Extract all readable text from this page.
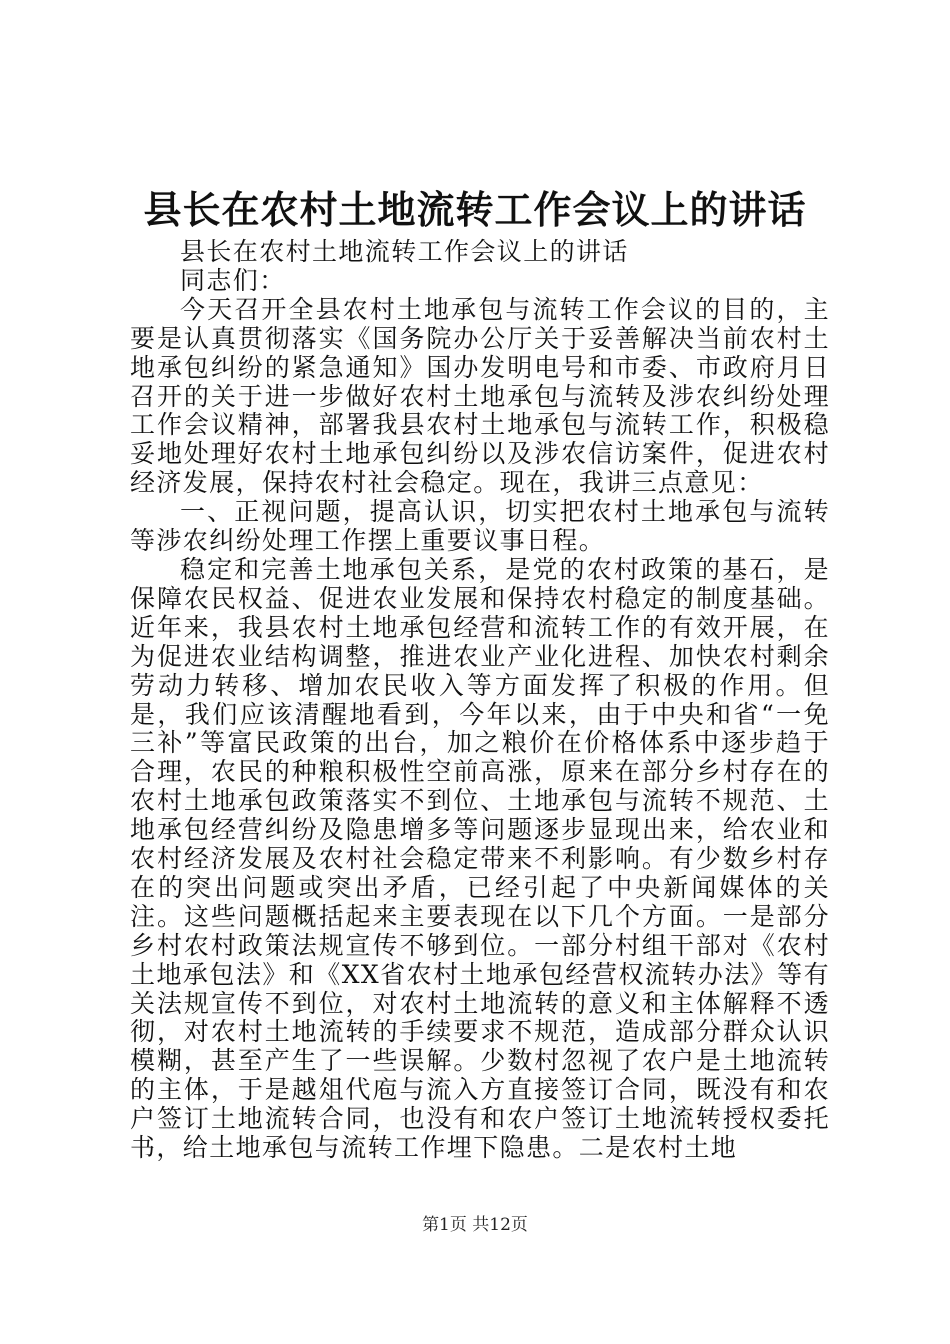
县长在农村土地流转工作会议上的讲话

县长在农村土地流转工作会议上的讲话

同志们：

今天召开全县农村土地承包与流转工作会议的目的，主要是认真贯彻落实《国务院办公厅关于妥善解决当前农村土地承包纠纷的紧急通知》国办发明电号和市委、市政府月日召开的关于进一步做好农村土地承包与流转及涉农纠纷处理工作会议精神，部署我县农村土地承包与流转工作，积极稳妥地处理好农村土地承包纠纷以及涉农信访案件，促进农村经济发展，保持农村社会稳定。现在，我讲三点意见：

一、正视问题，提高认识，切实把农村土地承包与流转等涉农纠纷处理工作摆上重要议事日程。

稳定和完善土地承包关系，是党的农村政策的基石，是保障农民权益、促进农业发展和保持农村稳定的制度基础。近年来，我县农村土地承包经营和流转工作的有效开展，在为促进农业结构调整，推进农业产业化进程、加快农村剩余劳动力转移、增加农民收入等方面发挥了积极的作用。但是，我们应该清醒地看到，今年以来，由于中央和省“一免三补”等富民政策的出台，加之粮价在价格体系中逐步趋于合理，农民的种粮积极性空前高涨，原来在部分乡村存在的农村土地承包政策落实不到位、土地承包与流转不规范、土地承包经营纠纷及隐患增多等问题逐步显现出来，给农业和农村经济发展及农村社会稳定带来不利影响。有少数乡村存在的突出问题或突出矛盾，已经引起了中央新闻媒体的关注。这些问题概括起来主要表现在以下几个方面。一是部分乡村农村政策法规宣传不够到位。一部分村组干部对《农村土地承包法》和《XX省农村土地承包经营权流转办法》等有关法规宣传不到位，对农村土地流转的意义和主体解释不透彻，对农村土地流转的手续要求不规范，造成部分群众认识模糊，甚至产生了一些误解。少数村忽视了农户是土地流转的主体，于是越俎代庖与流入方直接签订合同，既没有和农户签订土地流转合同，也没有和农户签订土地流转授权委托书，给土地承包与流转工作埋下隐患。二是农村土地

第1页 共12页
